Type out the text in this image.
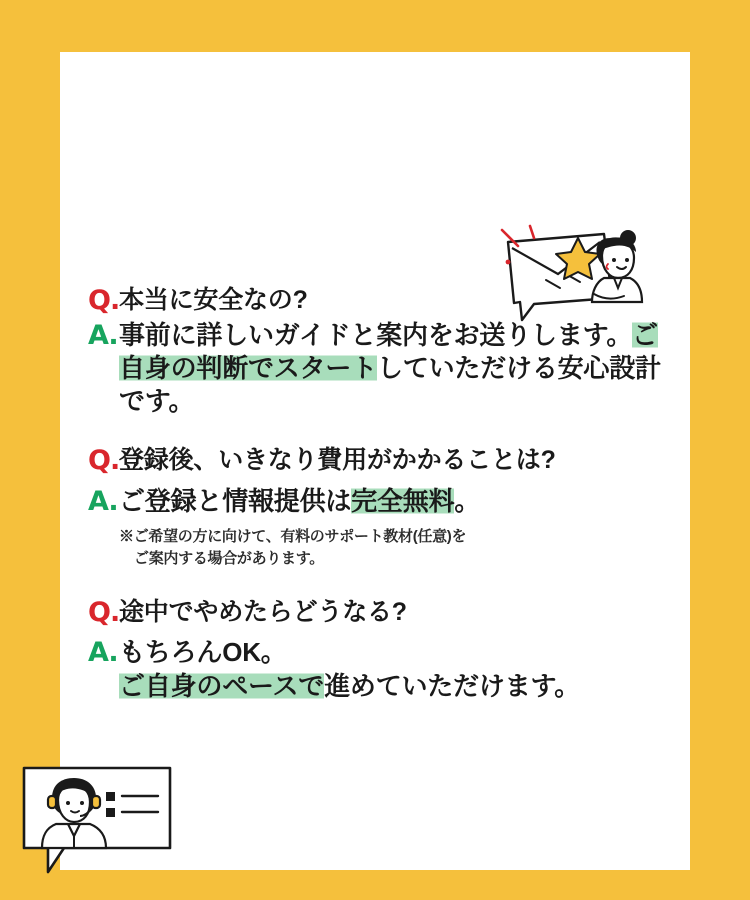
Q. 本当に安全なの?
A. 事前に詳しいガイドと案内をお送りします。ご自身の判断でスタートしていただける安心設計です。
Q. 登録後、いきなり費用がかかることは?
A. ご登録と情報提供は完全無料。
※ご希望の方に向けて、有料のサポート教材(任意)を
ご案内する場合があります。
Q. 途中でやめたらどうなる?
A. もちろんOK。
ご自身のペースで進めていただけます。
